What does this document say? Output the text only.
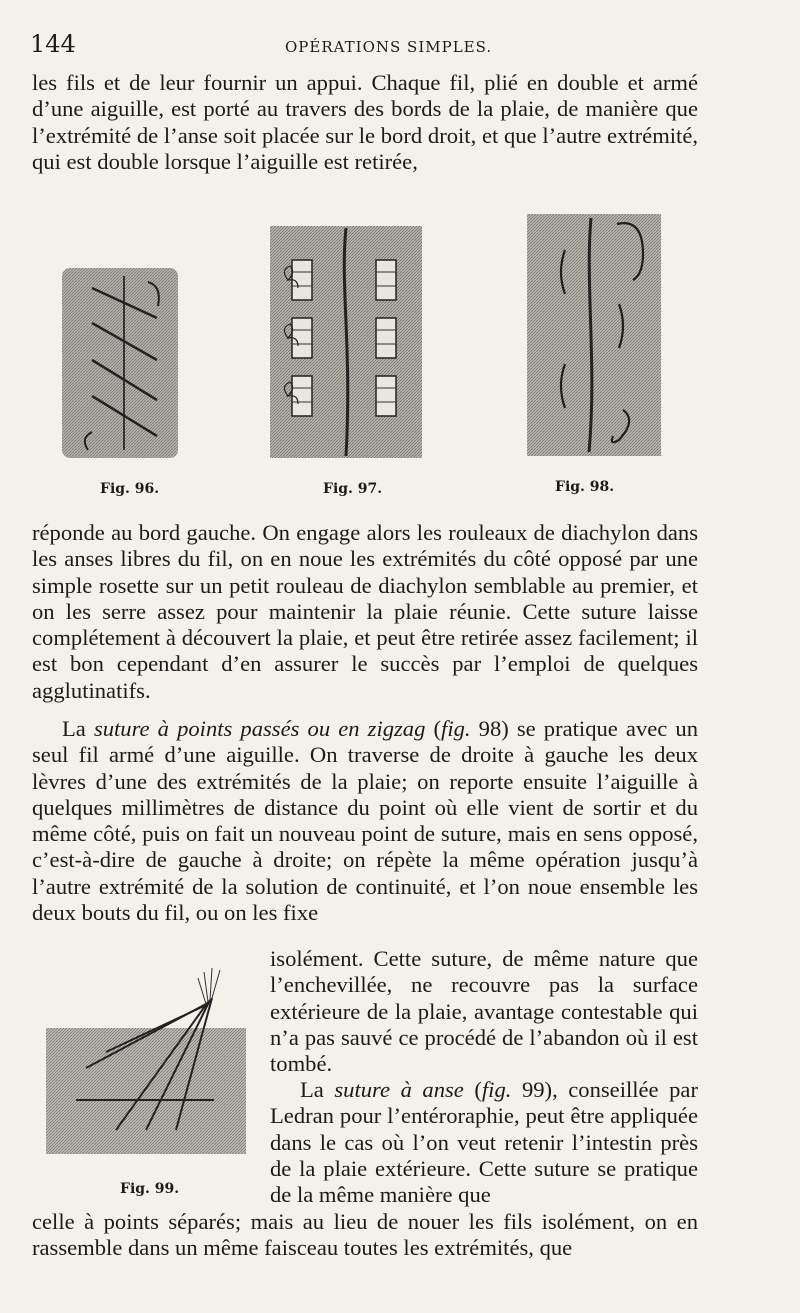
144	OPÉRATIONS SIMPLES.

les fils et de leur fournir un appui. Chaque fil, plié en double et armé d’une aiguille, est porté au travers des bords de la plaie, de manière que l’extrémité de l’anse soit placée sur le bord droit, et que l’autre extrémité, qui est double lorsque l’aiguille est retirée,

Fig. 96.	Fig. 97.	Fig. 98.

réponde au bord gauche. On engage alors les rouleaux de diachylon dans les anses libres du fil, on en noue les extrémités du côté opposé par une simple rosette sur un petit rouleau de diachylon semblable au premier, et on les serre assez pour maintenir la plaie réunie. Cette suture laisse complétement à découvert la plaie, et peut être retirée assez facilement; il est bon cependant d’en assurer le succès par l’emploi de quelques agglutinatifs.

La suture à points passés ou en zigzag (fig. 98) se pratique avec un seul fil armé d’une aiguille. On traverse de droite à gauche les deux lèvres d’une des extrémités de la plaie; on reporte ensuite l’aiguille à quelques millimètres de distance du point où elle vient de sortir et du même côté, puis on fait un nouveau point de suture, mais en sens opposé, c’est-à-dire de gauche à droite; on répète la même opération jusqu’à l’autre extrémité de la solution de continuité, et l’on noue ensemble les deux bouts du fil, ou on les fixe

Fig. 99.

isolément. Cette suture, de même nature que l’enchevillée, ne recouvre pas la surface extérieure de la plaie, avantage contestable qui n’a pas sauvé ce procédé de l’abandon où il est tombé.

La suture à anse (fig. 99), conseillée par Ledran pour l’entéroraphie, peut être appliquée dans le cas où l’on veut retenir l’intestin près de la plaie extérieure. Cette suture se pratique de la même manière que

celle à points séparés; mais au lieu de nouer les fils isolément, on en rassemble dans un même faisceau toutes les extrémités, que
